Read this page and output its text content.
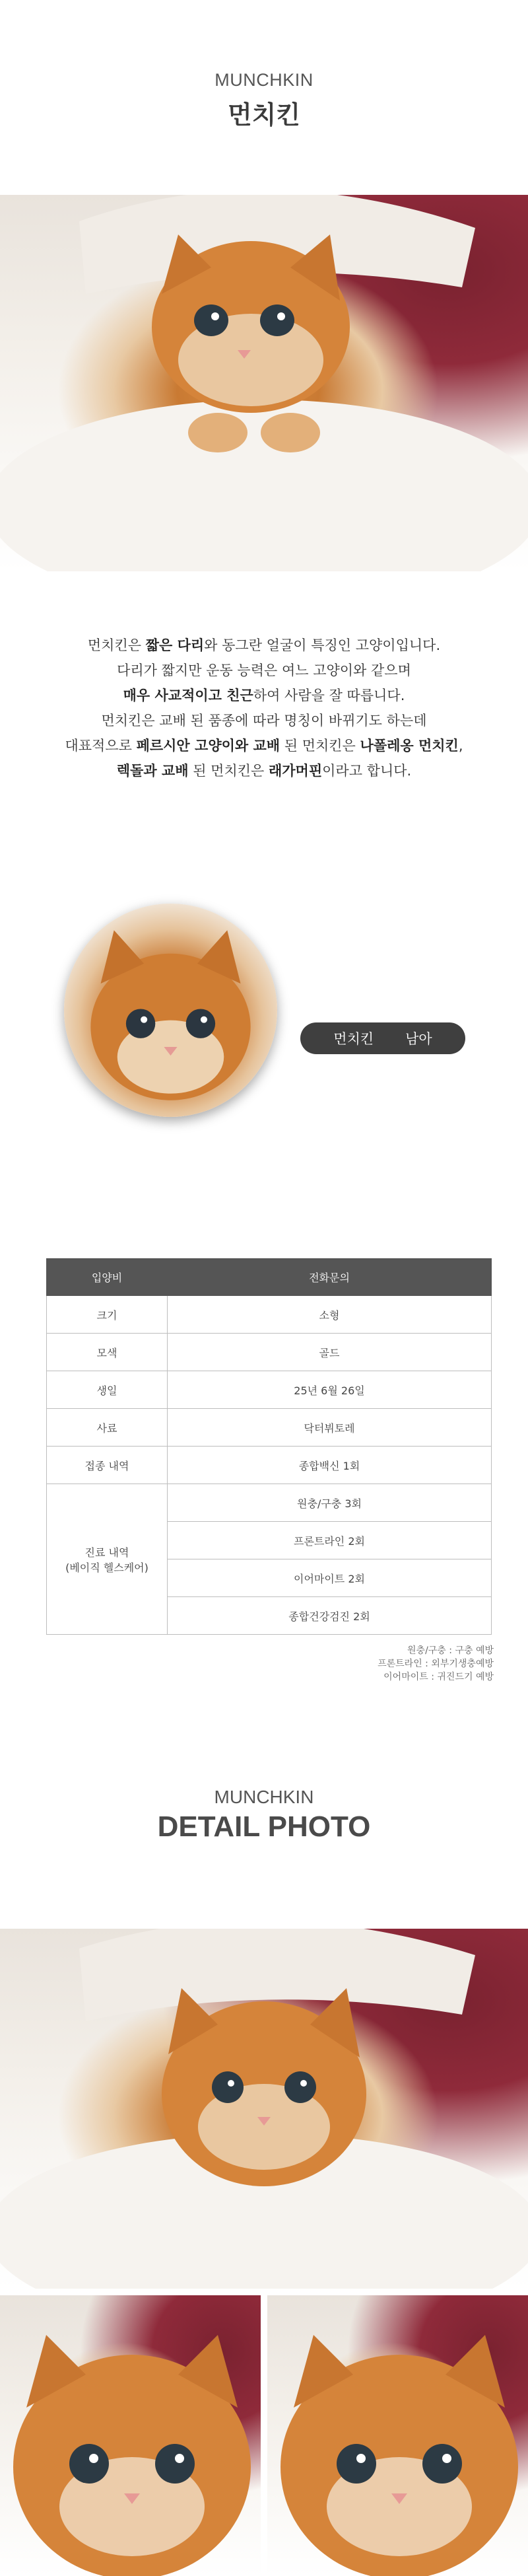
MUNCHKIN
먼치킨
먼치킨은 짧은 다리와 동그란 얼굴이 특징인 고양이입니다.
다리가 짧지만 운동 능력은 여느 고양이와 같으며
매우 사교적이고 친근하여 사람을 잘 따릅니다.
먼치킨은 교배 된 품종에 따라 명칭이 바뀌기도 하는데
대표적으로 페르시안 고양이와 교배 된 먼치킨은 나폴레옹 먼치킨,
렉돌과 교배 된 먼치킨은 래가머핀이라고 합니다.
먼치킨 남아
입양비	전화문의
크기	소형
모색	골드
생일	25년 6월 26일
사료	닥터뷔토레
접종 내역	종합백신 1회

진료 내역
(베이직 헬스케어)	원충/구충 3회
	프론트라인 2회
	이어마이트 2회
	종합건강검진 2회
원충/구충 : 구충 예방
프론트라인 : 외부기생충예방
이어마이트 : 귀진드기 예방
MUNCHKIN
DETAIL PHOTO
